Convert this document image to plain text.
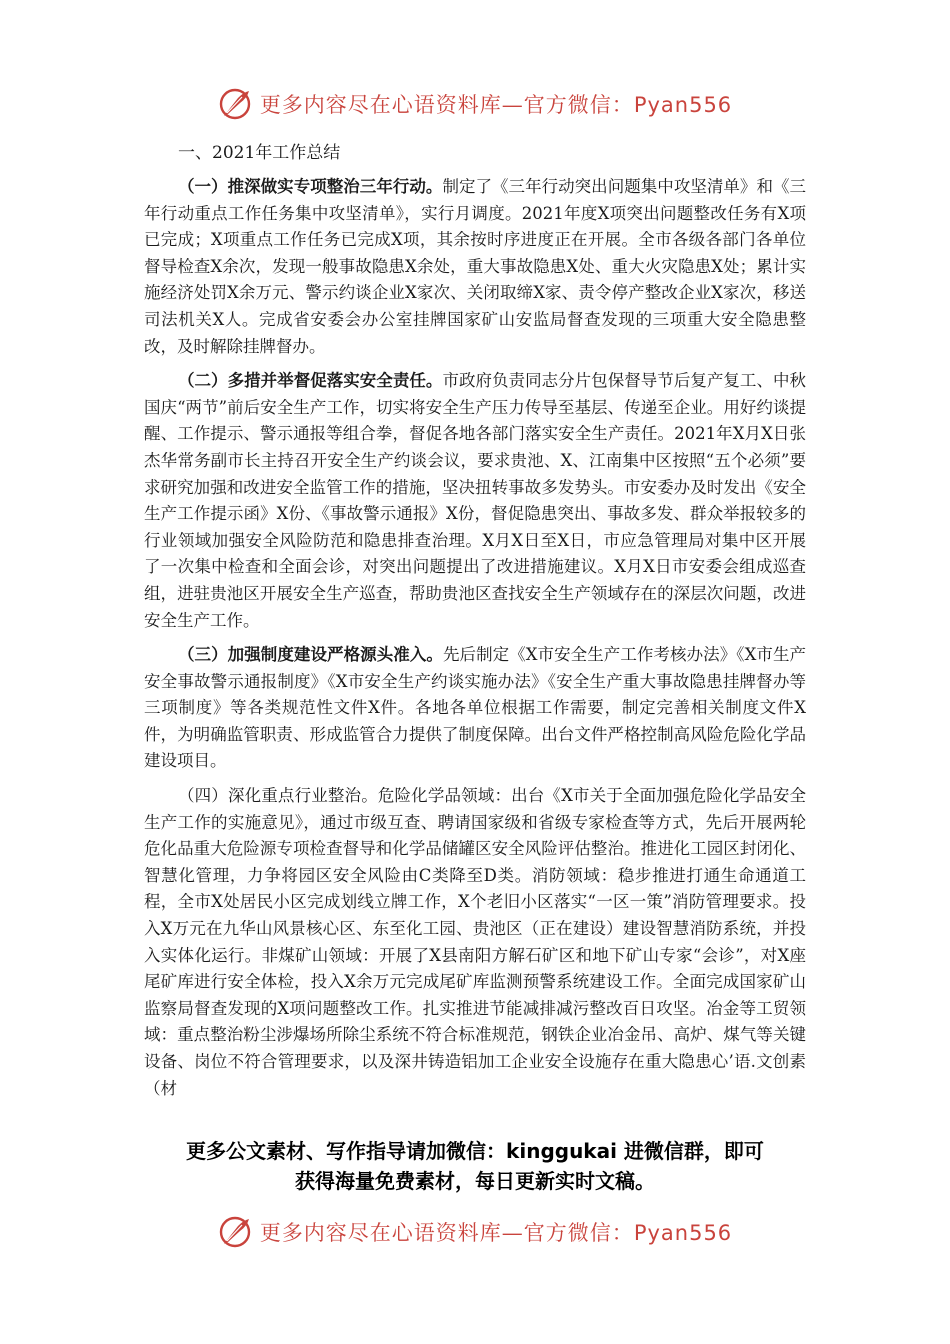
更多内容尽在心语资料库—官方微信：Pyan556

一、2021年工作总结

（一）推深做实专项整治三年行动。制定了《三年行动突出问题集中攻坚清单》和《三年行动重点工作任务集中攻坚清单》，实行月调度。2021年度X项突出问题整改任务有X项已完成；X项重点工作任务已完成X项，其余按时序进度正在开展。全市各级各部门各单位督导检查X余次，发现一般事故隐患X余处，重大事故隐患X处、重大火灾隐患X处；累计实施经济处罚X余万元、警示约谈企业X家次、关闭取缔X家、责令停产整改企业X家次，移送司法机关X人。完成省安委会办公室挂牌国家矿山安监局督查发现的三项重大安全隐患整改，及时解除挂牌督办。

（二）多措并举督促落实安全责任。市政府负责同志分片包保督导节后复产复工、中秋国庆“两节”前后安全生产工作，切实将安全生产压力传导至基层、传递至企业。用好约谈提醒、工作提示、警示通报等组合拳，督促各地各部门落实安全生产责任。2021年X月X日张杰华常务副市长主持召开安全生产约谈会议，要求贵池、X、江南集中区按照“五个必须”要求研究加强和改进安全监管工作的措施，坚决扭转事故多发势头。市安委办及时发出《安全生产工作提示函》X份、《事故警示通报》X份，督促隐患突出、事故多发、群众举报较多的行业领域加强安全风险防范和隐患排查治理。X月X日至X日，市应急管理局对集中区开展了一次集中检查和全面会诊，对突出问题提出了改进措施建议。X月X日市安委会组成巡查组，进驻贵池区开展安全生产巡查，帮助贵池区查找安全生产领域存在的深层次问题，改进安全生产工作。

（三）加强制度建设严格源头准入。先后制定《X市安全生产工作考核办法》《X市生产安全事故警示通报制度》《X市安全生产约谈实施办法》《安全生产重大事故隐患挂牌督办等三项制度》等各类规范性文件X件。各地各单位根据工作需要，制定完善相关制度文件X件，为明确监管职责、形成监管合力提供了制度保障。出台文件严格控制高风险危险化学品建设项目。

（四）深化重点行业整治。危险化学品领域：出台《X市关于全面加强危险化学品安全生产工作的实施意见》，通过市级互查、聘请国家级和省级专家检查等方式，先后开展两轮危化品重大危险源专项检查督导和化学品储罐区安全风险评估整治。推进化工园区封闭化、智慧化管理，力争将园区安全风险由C类降至D类。消防领域：稳步推进打通生命通道工程，全市X处居民小区完成划线立牌工作，X个老旧小区落实“一区一策”消防管理要求。投入X万元在九华山风景核心区、东至化工园、贵池区（正在建设）建设智慧消防系统，并投入实体化运行。非煤矿山领域：开展了X县南阳方解石矿区和地下矿山专家“会诊”，对X座尾矿库进行安全体检，投入X余万元完成尾矿库监测预警系统建设工作。全面完成国家矿山监察局督查发现的X项问题整改工作。扎实推进节能减排减污整改百日攻坚。冶金等工贸领域：重点整治粉尘涉爆场所除尘系统不符合标准规范，钢铁企业冶金吊、高炉、煤气等关键设备、岗位不符合管理要求，以及深井铸造铝加工企业安全设施存在重大隐患心’语.文创素（材

更多公文素材、写作指导请加微信：kinggukai 进微信群，即可
获得海量免费素材，每日更新实时文稿。
更多内容尽在心语资料库—官方微信：Pyan556
